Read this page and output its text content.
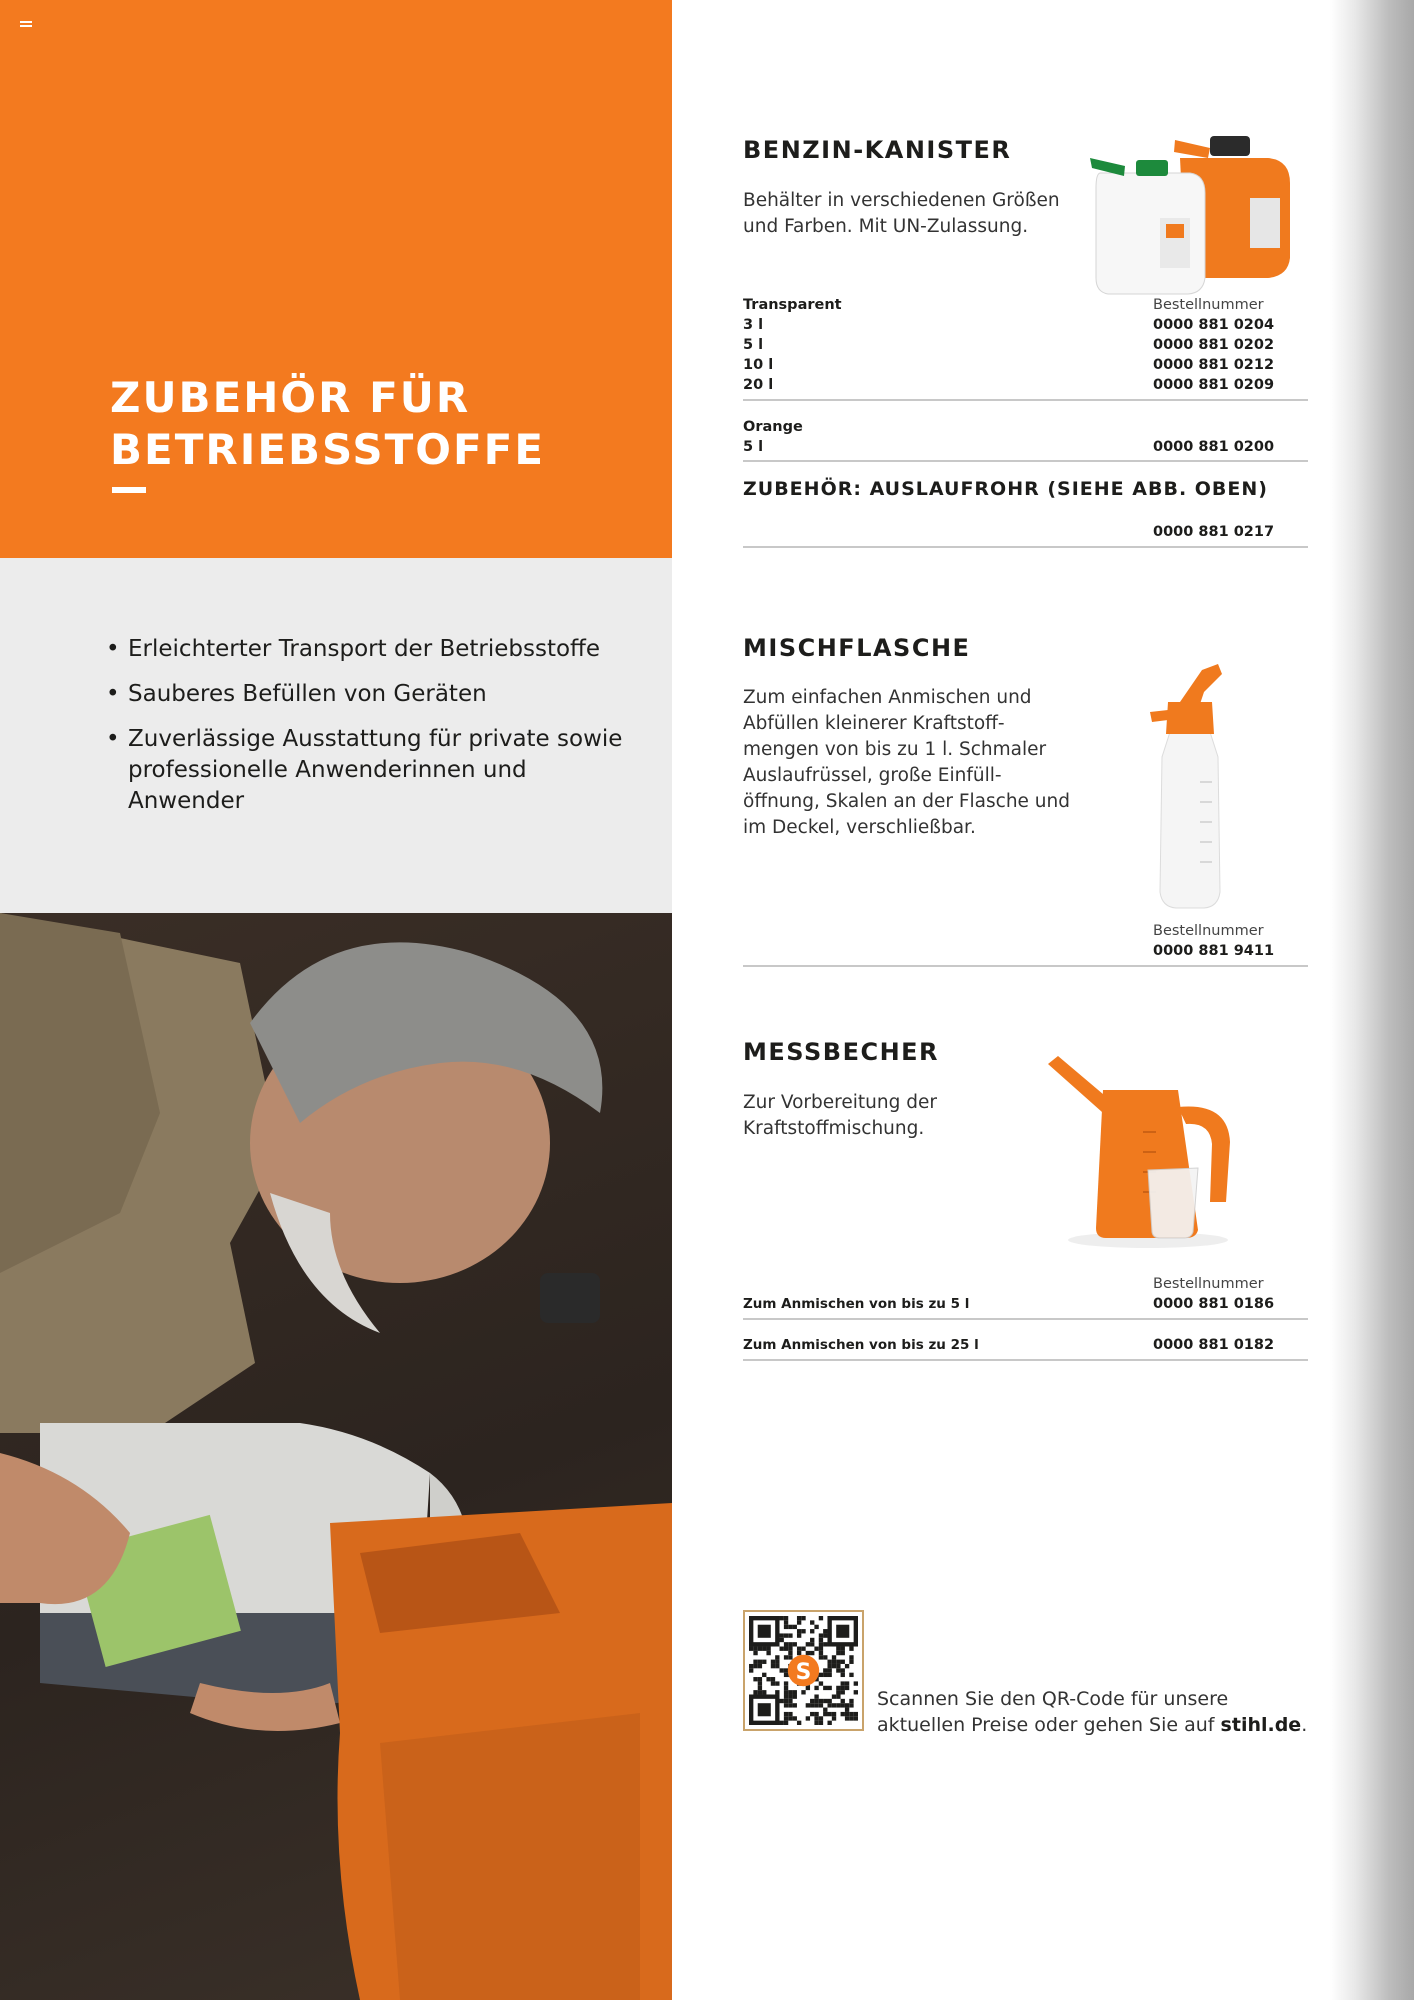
ZUBEHÖR FÜR
BETRIEBSSTOFFE
• Erleichterter Transport der Betriebsstoffe
• Sauberes Befüllen von Geräten
• Zuverlässige Ausstattung für private sowie professionelle Anwenderinnen und Anwender
BENZIN-KANISTER
Behälter in verschiedenen Größen
und Farben. Mit UN-Zulassung.
Transparent	Bestellnummer
3 l	0000 881 0204
5 l	0000 881 0202
10 l	0000 881 0212
20 l	0000 881 0209
Orange
5 l	0000 881 0200
ZUBEHÖR: AUSLAUFROHR (SIEHE ABB. OBEN)
0000 881 0217
MISCHFLASCHE
Zum einfachen Anmischen und
Abfüllen kleinerer Kraftstoff-
mengen von bis zu 1 l. Schmaler
Auslaufrüssel, große Einfüll-
öffnung, Skalen an der Flasche und
im Deckel, verschließbar.
Bestellnummer
0000 881 9411
MESSBECHER
Zur Vorbereitung der
Kraftstoffmischung.
Bestellnummer
Zum Anmischen von bis zu 5 l	0000 881 0186
Zum Anmischen von bis zu 25 l	0000 881 0182
S
Scannen Sie den QR-Code für unsere aktuellen Preise oder gehen Sie auf stihl.de.
